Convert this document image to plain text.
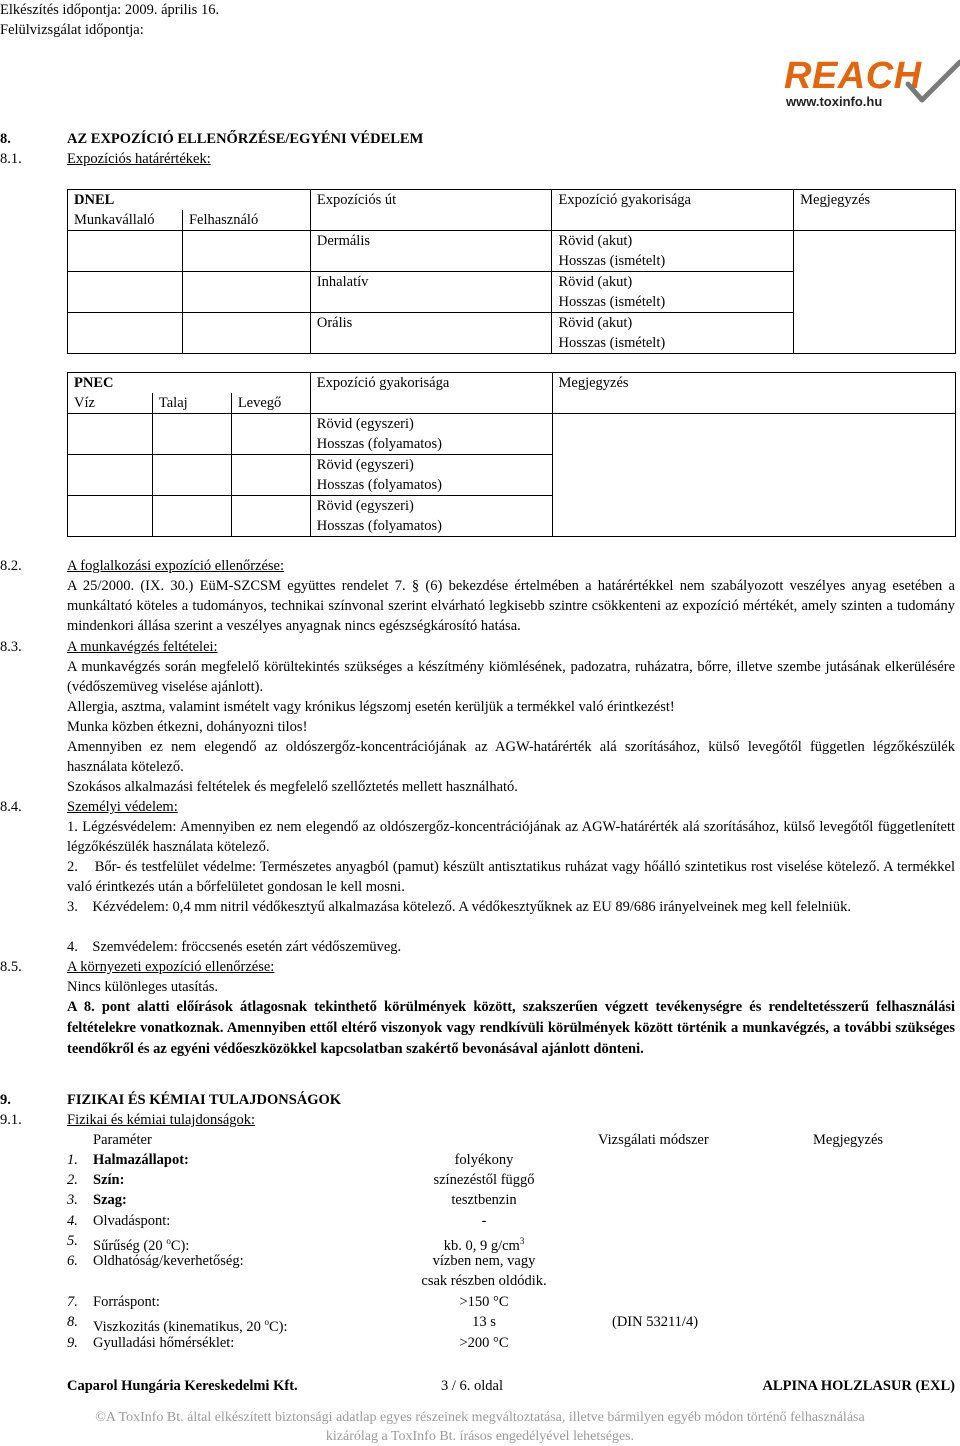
Elkészítés időpontja: 2009. április 16.
Felülvizsgálat időpontja:
REACH
www.toxinfo.hu
8.	AZ EXPOZÍCIÓ ELLENŐRZÉSE/EGYÉNI VÉDELEM
8.1.	Expozíciós határértékek:
DNEL		Expozíciós út	Expozíció gyakorisága	Megjegyzés
Munkavállaló	Felhasználó			
		Dermális	Rövid (akut)
Hosszas (ismételt)	

		Inhalatív	Rövid (akut)
Hosszas (ismételt)	

		Orális	Rövid (akut)
Hosszas (ismételt)	
PNEC			Expozíció gyakorisága	Megjegyzés
Víz	Talaj	Levegő		

			Rövid (egyszeri)
Hosszas (folyamatos)	

			Rövid (egyszeri)
Hosszas (folyamatos)	

			Rövid (egyszeri)
Hosszas (folyamatos)	
8.2.	A foglalkozási expozíció ellenőrzése:
A 25/2000. (IX. 30.) EüM-SZCSM együttes rendelet 7. § (6) bekezdése értelmében a határértékkel nem szabályozott veszélyes anyag esetében a munkáltató köteles a tudományos, technikai színvonal szerint elvárható legkisebb szintre csökkenteni az expozíció mértékét, amely szinten a tudomány mindenkori állása szerint a veszélyes anyagnak nincs egészségkárosító hatása.
8.3.	A munkavégzés feltételei:
A munkavégzés során megfelelő körültekintés szükséges a készítmény kiömlésének, padozatra, ruházatra, bőrre, illetve szembe jutásának elkerülésére (védőszemüveg viselése ajánlott).
Allergia, asztma, valamint ismételt vagy krónikus légszomj esetén kerüljük a termékkel való érintkezést!
Munka közben étkezni, dohányozni tilos!
Amennyiben ez nem elegendő az oldószergőz-koncentrációjának az AGW-határérték alá szorításához, külső levegőtől független légzőkészülék használata kötelező.
Szokásos alkalmazási feltételek és megfelelő szellőztetés mellett használható.
8.4.	Személyi védelem:
1. Légzésvédelem: Amennyiben ez nem elegendő az oldószergőz-koncentrációjának az AGW-határérték alá szorításához, külső levegőtől függetlenített légzőkészülék használata kötelező.
2.    Bőr- és testfelület védelme: Természetes anyagból (pamut) készült antisztatikus ruházat vagy hőálló szintetikus rost viselése kötelező. A termékkel való érintkezés után a bőrfelületet gondosan le kell mosni.
3.    Kézvédelem: 0,4 mm nitril védőkesztyű alkalmazása kötelező. A védőkesztyűknek az EU 89/686 irányelveinek meg kell felelniük.
4.    Szemvédelem: fröccsenés esetén zárt védőszemüveg.
8.5.	A környezeti expozíció ellenőrzése:
Nincs különleges utasítás.
A 8. pont alatti előírások átlagosnak tekinthető körülmények között, szakszerűen végzett tevékenységre és rendeltetésszerű felhasználási feltételekre vonatkoznak. Amennyiben ettől eltérő viszonyok vagy rendkívüli körülmények között történik a munkavégzés, a további szükséges teendőkről és az egyéni védőeszközökkel kapcsolatban szakértő bevonásával ajánlott dönteni.
9.	FIZIKAI ÉS KÉMIAI TULAJDONSÁGOK
9.1.	Fizikai és kémiai tulajdonságok:
Paraméter	Vizsgálati módszer	Megjegyzés
1. Halmazállapot:	folyékony
2. Szín:	színezéstől függő
3. Szag:	tesztbenzin
4. Olvadáspont:	-
5. Sűrűség (20 $^o$C):	kb. 0, 9 $g/cm^3$
6. Oldhatóság/keverhetőség:	vízben nem, vagy
csak részben oldódik.
7. Forráspont:	>150 °C
8. Viszkozitás (kinematikus, 20 $^o$C):	13 s	(DIN 53211/4)
9. Gyulladási hőmérséklet:	>200 °C
Caparol Hungária Kereskedelmi Kft.	3 / 6. oldal	ALPINA HOLZLASUR (EXL)
©A ToxInfo Bt. által elkészített biztonsági adatlap egyes részeinek megváltoztatása, illetve bármilyen egyéb módon történő felhasználása
kizárólag a ToxInfo Bt. írásos engedélyével lehetséges.
